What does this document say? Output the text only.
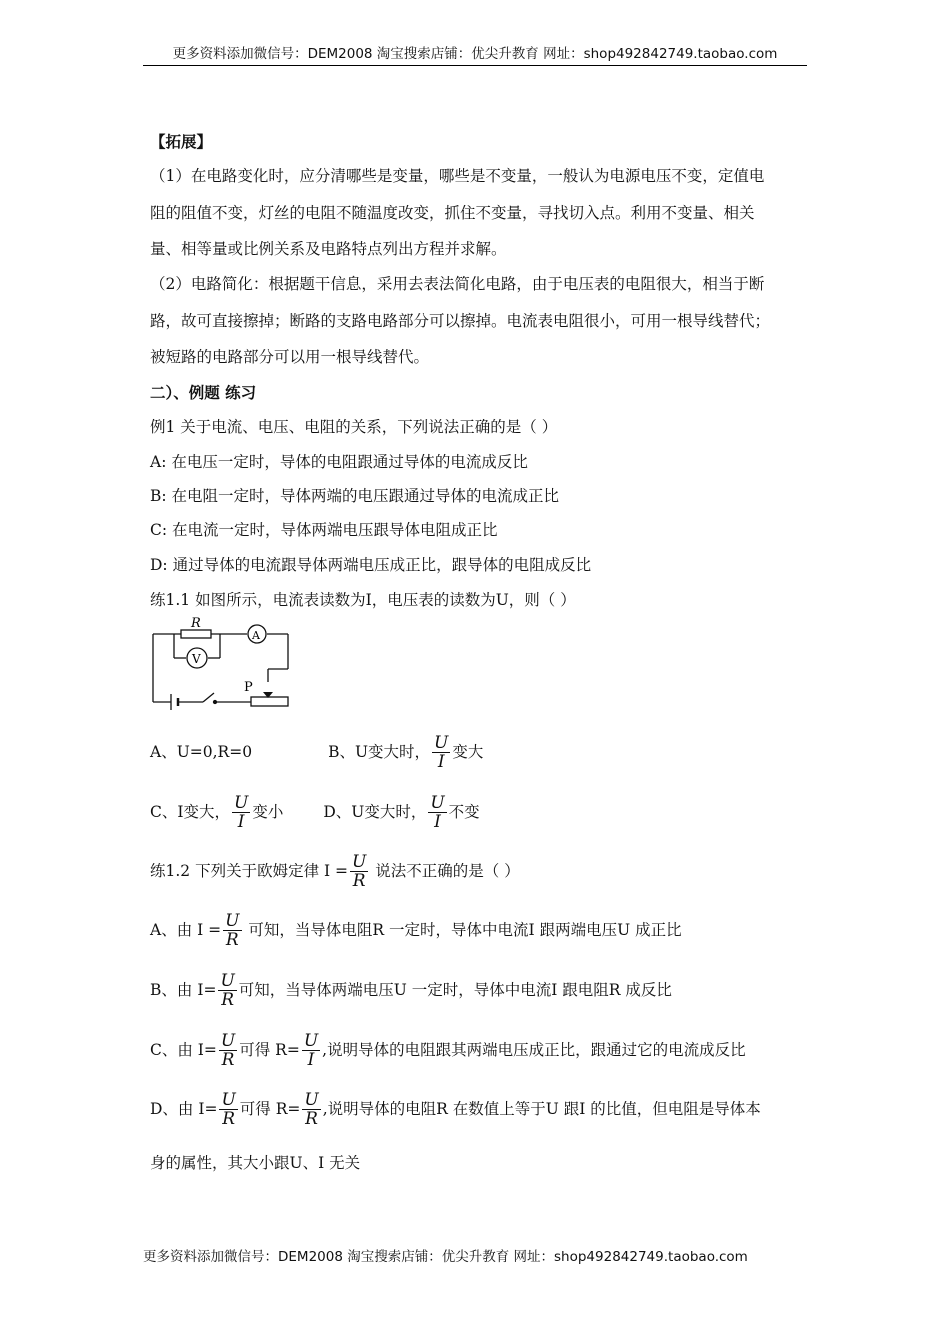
更多资料添加微信号：DEM2008 淘宝搜索店铺：优尖升教育 网址：shop492842749.taobao.com
【拓展】
（1）在电路变化时，应分清哪些是变量，哪些是不变量，一般认为电源电压不变，定值电
阻的阻值不变，灯丝的电阻不随温度改变，抓住不变量，寻找切入点。利用不变量、相关
量、相等量或比例关系及电路特点列出方程并求解。
（2）电路简化：根据题干信息，采用去表法简化电路，由于电压表的电阻很大，相当于断
路，故可直接擦掉；断路的支路电路部分可以擦掉。电流表电阻很小，可用一根导线替代；
被短路的电路部分可以用一根导线替代。
二）、例题 练习
例1 关于电流、电压、电阻的关系，下列说法正确的是（ ）
A: 在电压一定时，导体的电阻跟通过导体的电流成反比
B: 在电阻一定时，导体两端的电压跟通过导体的电流成正比
C: 在电流一定时，导体两端电压跟导体电阻成正比
D: 通过导体的电流跟导体两端电压成正比，跟导体的电阻成反比
练1.1 如图所示，电流表读数为I，电压表的读数为U，则（ ）
R
V
A
P
A、U=0,R=0	B、U变大时， $\frac{U}{I}$ 变大
C、I变大， $\frac{U}{I}$ 变小	D、U变大时， $\frac{U}{I}$ 不变
练1.2 下列关于欧姆定律 $I = \frac{U}{R}$ 说法不正确的是（ ）
A、由 $I = \frac{U}{R}$ 可知，当导体电阻R 一定时，导体中电流I 跟两端电压U 成正比
B、由 $I= \frac{U}{R}$ 可知，当导体两端电压U 一定时，导体中电流I 跟电阻R 成反比
C、由 $I= \frac{U}{R}$ 可得 $R= \frac{U}{I}$ ,说明导体的电阻跟其两端电压成正比，跟通过它的电流成反比
D、由 $I= \frac{U}{R}$ 可得 $R= \frac{U}{R}$ ,说明导体的电阻R 在数值上等于U 跟I 的比值，但电阻是导体本
身的属性，其大小跟U、I 无关
更多资料添加微信号：DEM2008 淘宝搜索店铺：优尖升教育 网址：shop492842749.taobao.com
